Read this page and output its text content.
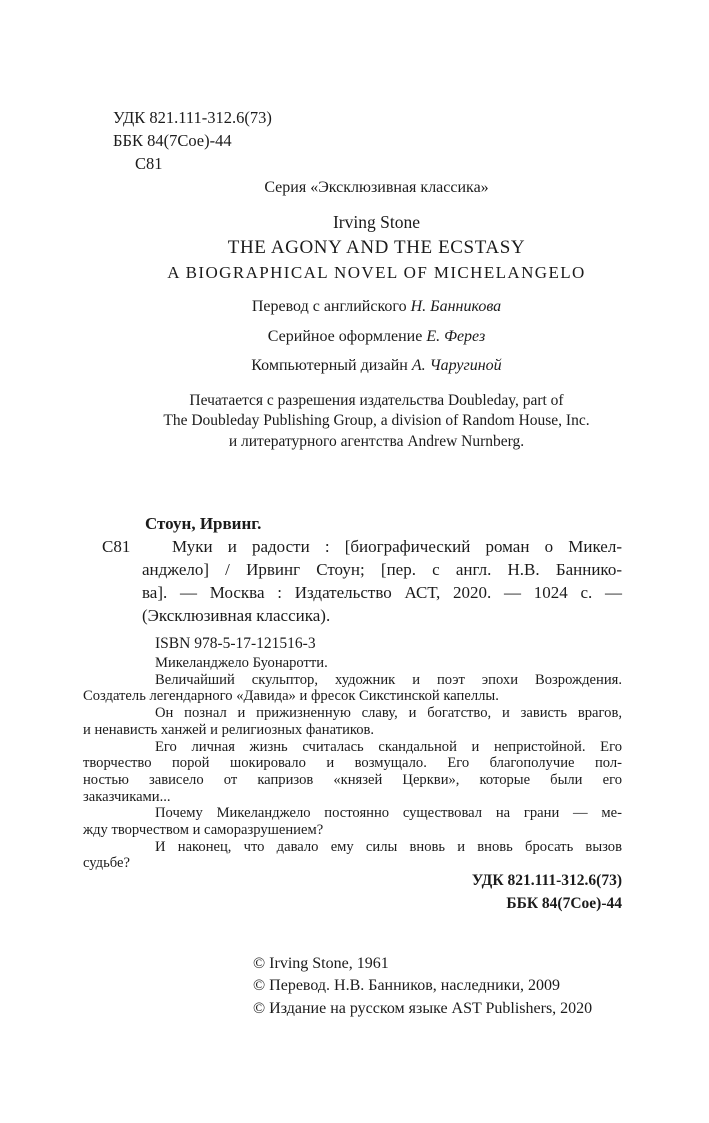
УДК 821.111-312.6(73)
ББК 84(7Сое)-44
С81
Серия «Эксклюзивная классика»
Irving Stone
THE AGONY AND THE ECSTASY
A BIOGRAPHICAL NOVEL OF MICHELANGELO
Перевод с английского Н. Банникова
Серийное оформление Е. Ферез
Компьютерный дизайн А. Чаругиной
Печатается с разрешения издательства Doubleday, part of
The Doubleday Publishing Group, a division of Random House, Inc.
и литературного агентства Andrew Nurnberg.
Стоун, Ирвинг.
С81	Муки и радости : [биографический роман о Микел-
анджело] / Ирвинг Стоун; [пер. с англ. Н.В. Баннико-
ва]. — Москва : Издательство АСТ, 2020. — 1024 с. —
(Эксклюзивная классика).
ISBN 978-5-17-121516-3
Микеланджело Буонаротти.
Величайший скульптор, художник и поэт эпохи Возрождения.
Создатель легендарного «Давида» и фресок Сикстинской капеллы.
Он познал и прижизненную славу, и богатство, и зависть врагов,
и ненависть ханжей и религиозных фанатиков.
Его личная жизнь считалась скандальной и непристойной. Его
творчество порой шокировало и возмущало. Его благополучие пол-
ностью зависело от капризов «князей Церкви», которые были его
заказчиками...
Почему Микеланджело постоянно существовал на грани — ме-
жду творчеством и саморазрушением?
И наконец, что давало ему силы вновь и вновь бросать вызов
судьбе?
УДК 821.111-312.6(73)
ББК 84(7Сое)-44
© Irving Stone, 1961
© Перевод. Н.В. Банников, наследники, 2009
© Издание на русском языке AST Publishers, 2020
